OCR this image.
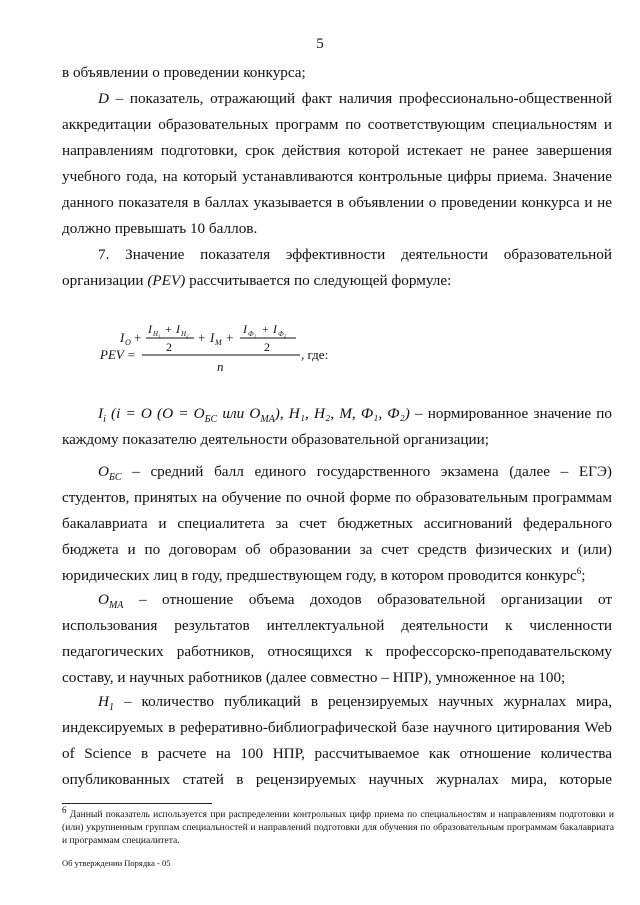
5
в объявлении о проведении конкурса;
D – показатель, отражающий факт наличия профессионально-общественной аккредитации образовательных программ по соответствующим специальностям и направлениям подготовки, срок действия которой истекает не ранее завершения учебного года, на который устанавливаются контрольные цифры приема. Значение данного показателя в баллах указывается в объявлении о проведении конкурса и не должно превышать 10 баллов.
7. Значение показателя эффективности деятельности образовательной организации (PEV) рассчитывается по следующей формуле:
PEV =
I O +
I H₁ + I H₂
2
+ I M +
I Ф₁ + I Ф₂
2
n
, где:
$I_i$ (i = O ($O = O_{БС}$ или $O_{МА}$), H₁, H₂, M, Ф₁, Ф₂) – нормированное значение по каждому показателю деятельности образовательной организации;
$O_{БС}$ – средний балл единого государственного экзамена (далее – ЕГЭ) студентов, принятых на обучение по очной форме по образовательным программам бакалавриата и специалитета за счет бюджетных ассигнований федерального бюджета и по договорам об образовании за счет средств физических и (или) юридических лиц в году, предшествующем году, в котором проводится конкурс$^6$;
$O_{МА}$ – отношение объема доходов образовательной организации от использования результатов интеллектуальной деятельности к численности педагогических работников, относящихся к профессорско-преподавательскому составу, и научных работников (далее совместно – НПР), умноженное на 100;
$H_1$ – количество публикаций в рецензируемых научных журналах мира, индексируемых в реферативно-библиографической базе научного цитирования Web of Science в расчете на 100 НПР, рассчитываемое как отношение количества опубликованных статей в рецензируемых научных журналах мира, которые
$^6$ Данный показатель используется при распределении контрольных цифр приема по специальностям и направлениям подготовки и (или) укрупненным группам специальностей и направлений подготовки для обучения по образовательным программам бакалавриата и программам специалитета.
Об утверждении Порядка - 05
